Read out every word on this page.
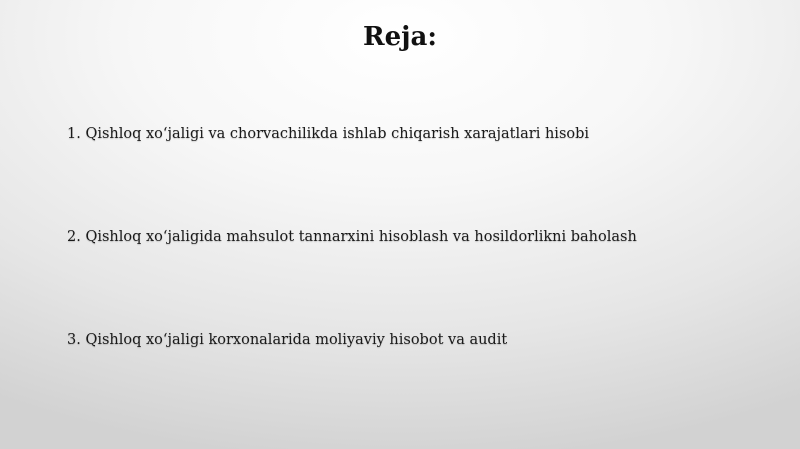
Reja:
1. Qishloq xo‘jaligi va chorvachilikda ishlab chiqarish xarajatlari hisobi
2. Qishloq xo‘jaligida mahsulot tannarxini hisoblash va hosildorlikni baholash
3. Qishloq xo‘jaligi korxonalarida moliyaviy hisobot va audit
